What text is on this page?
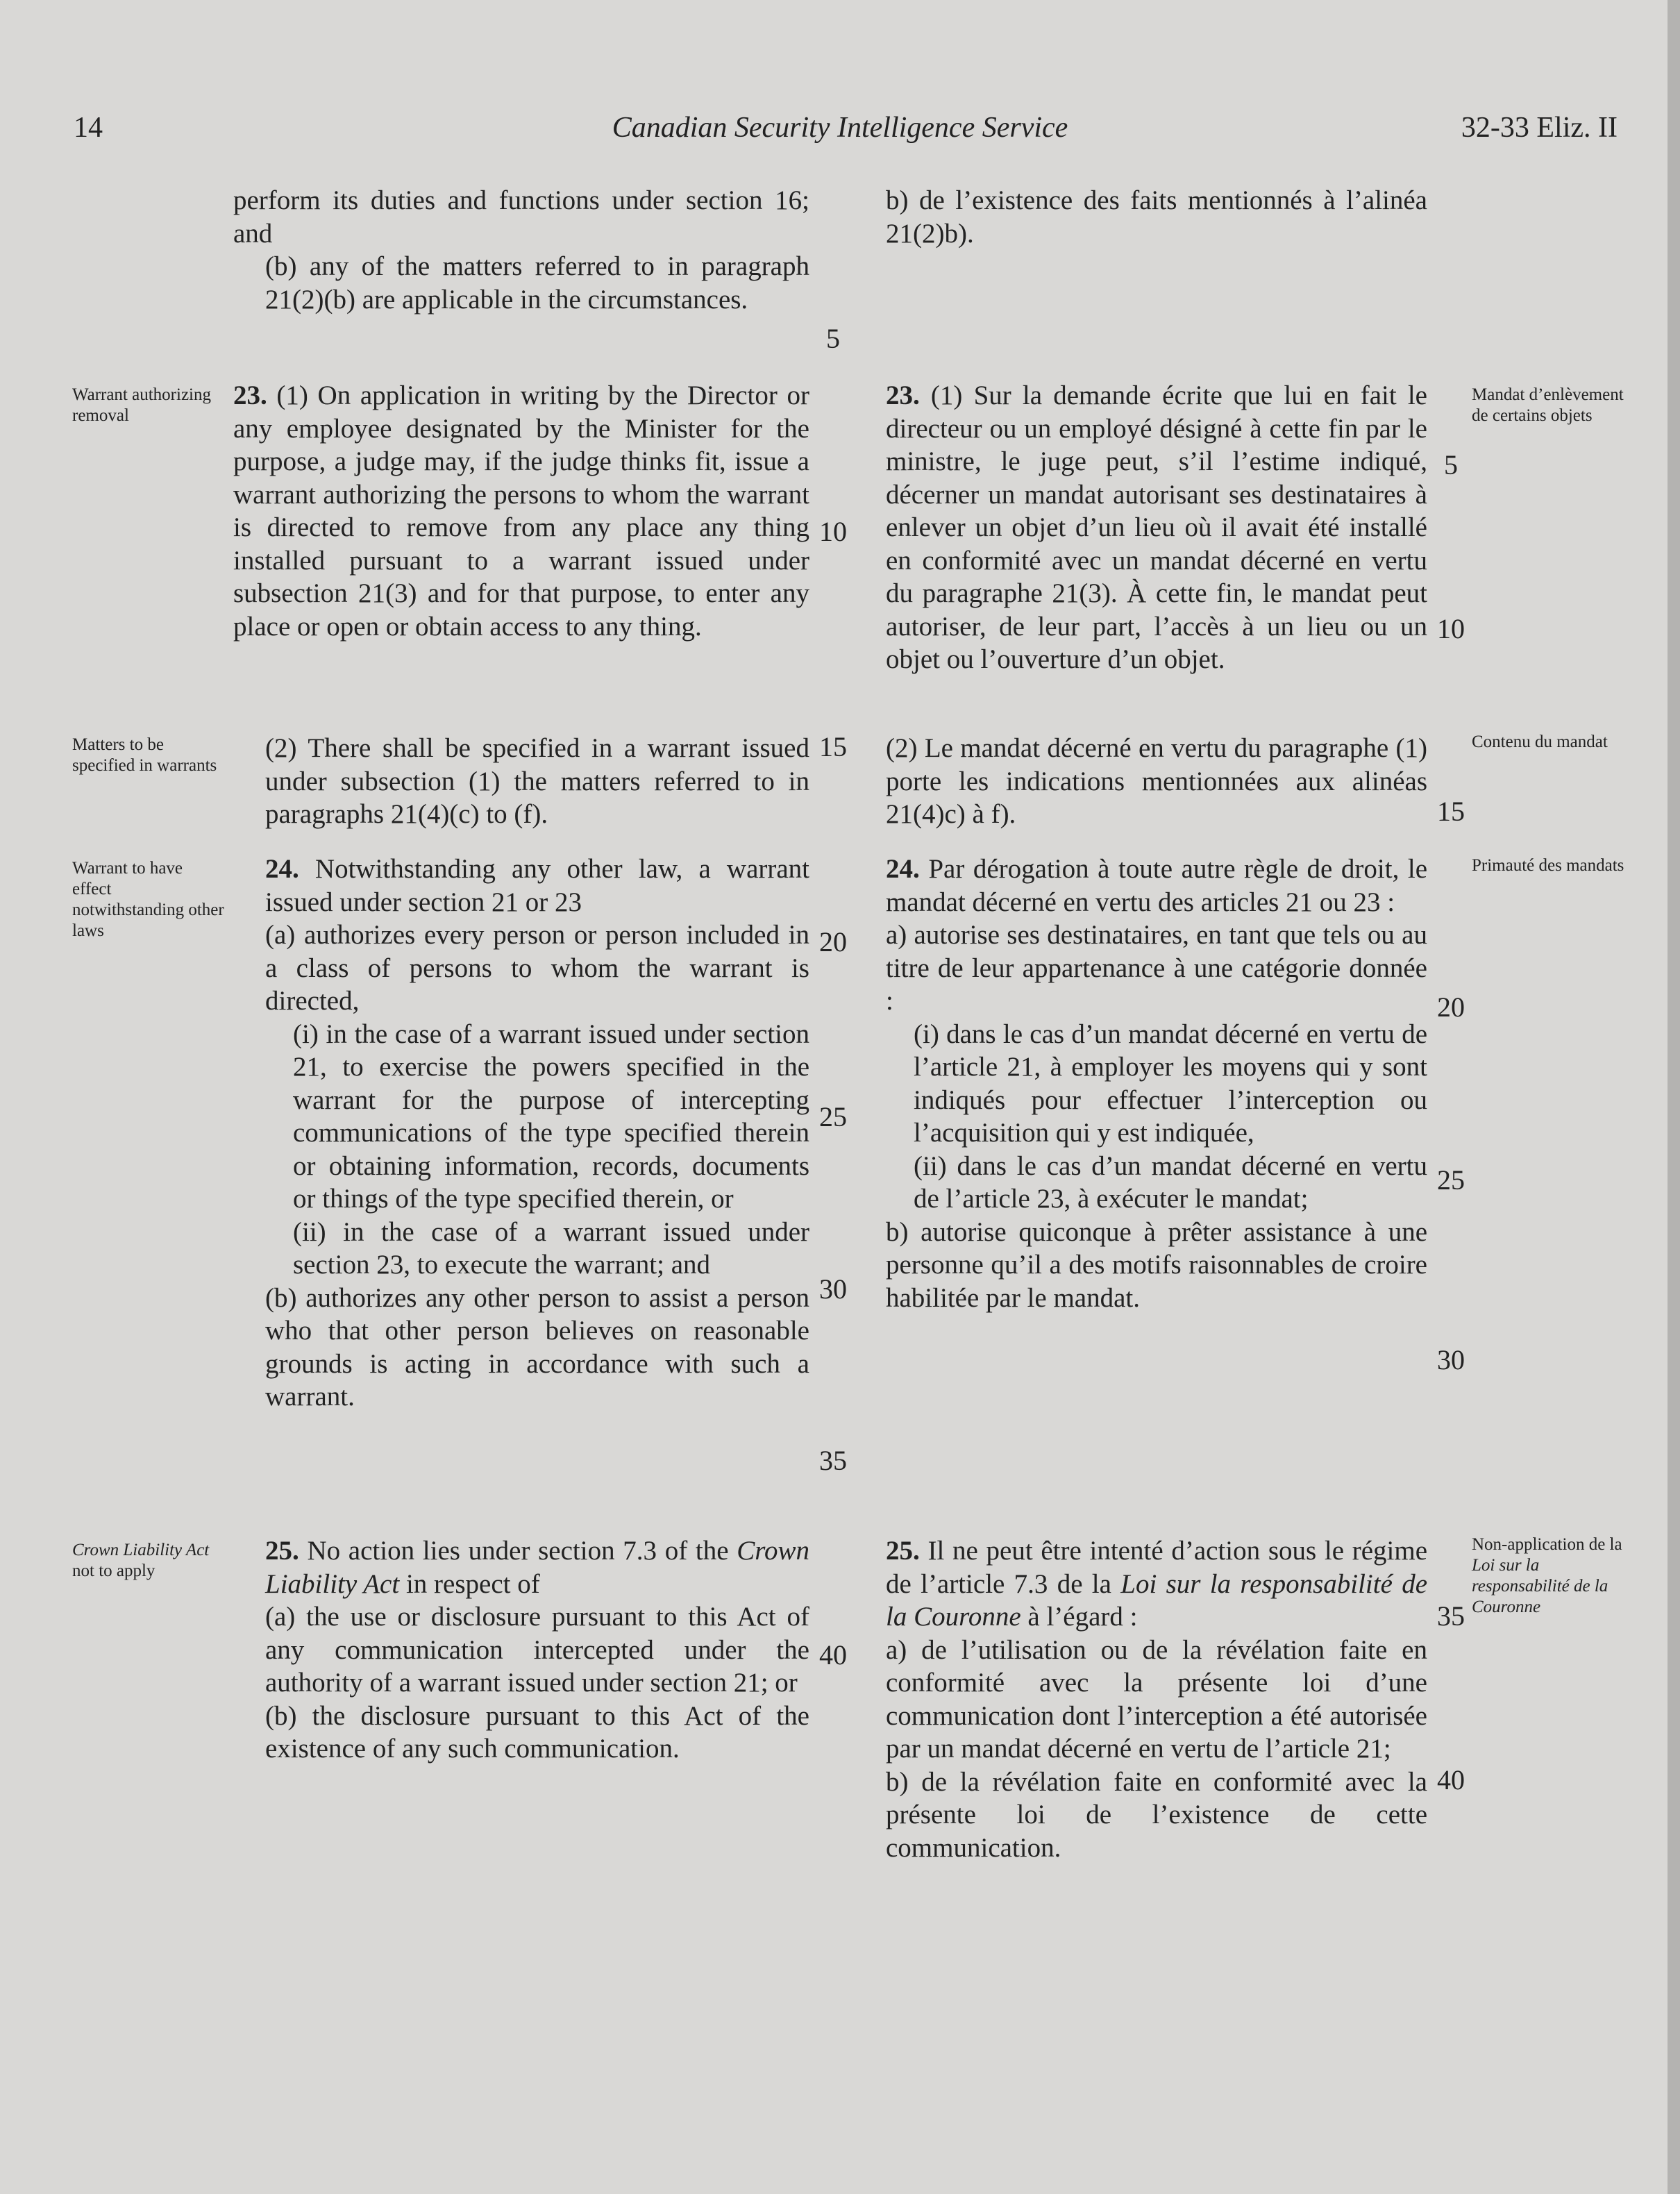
14	Canadian Security Intelligence Service	32-33 Eliz. II

perform its duties and functions under section 16; and

(b) any of the matters referred to in paragraph 21(2)(b) are applicable in the circumstances.

23. (1) On application in writing by the Director or any employee designated by the Minister for the purpose, a judge may, if the judge thinks fit, issue a warrant authorizing the persons to whom the warrant is directed to remove from any place any thing installed pursuant to a warrant issued under subsection 21(3) and for that purpose, to enter any place or open or obtain access to any thing.

(2) There shall be specified in a warrant issued under subsection (1) the matters referred to in paragraphs 21(4)(c) to (f).

24. Notwithstanding any other law, a warrant issued under section 21 or 23

(a) authorizes every person or person included in a class of persons to whom the warrant is directed,

(i) in the case of a warrant issued under section 21, to exercise the powers specified in the warrant for the purpose of intercepting communications of the type specified therein or obtaining information, records, documents or things of the type specified therein, or

(ii) in the case of a warrant issued under section 23, to execute the warrant; and

(b) authorizes any other person to assist a person who that other person believes on reasonable grounds is acting in accordance with such a warrant.

25. No action lies under section 7.3 of the Crown Liability Act in respect of

(a) the use or disclosure pursuant to this Act of any communication intercepted under the authority of a warrant issued under section 21; or

(b) the disclosure pursuant to this Act of the existence of any such communication.

b) de l’existence des faits mentionnés à l’alinéa 21(2)b).

23. (1) Sur la demande écrite que lui en fait le directeur ou un employé désigné à cette fin par le ministre, le juge peut, s’il l’estime indiqué, décerner un mandat autorisant ses destinataires à enlever un objet d’un lieu où il avait été installé en conformité avec un mandat décerné en vertu du paragraphe 21(3). À cette fin, le mandat peut autoriser, de leur part, l’accès à un lieu ou un objet ou l’ouverture d’un objet.

(2) Le mandat décerné en vertu du paragraphe (1) porte les indications mentionnées aux alinéas 21(4)c) à f).

24. Par dérogation à toute autre règle de droit, le mandat décerné en vertu des articles 21 ou 23 :

a) autorise ses destinataires, en tant que tels ou au titre de leur appartenance à une catégorie donnée :

(i) dans le cas d’un mandat décerné en vertu de l’article 21, à employer les moyens qui y sont indiqués pour effectuer l’interception ou l’acquisition qui y est indiquée,

(ii) dans le cas d’un mandat décerné en vertu de l’article 23, à exécuter le mandat;

b) autorise quiconque à prêter assistance à une personne qu’il a des motifs raisonnables de croire habilitée par le mandat.

25. Il ne peut être intenté d’action sous le régime de l’article 7.3 de la Loi sur la responsabilité de la Couronne à l’égard :

a) de l’utilisation ou de la révélation faite en conformité avec la présente loi d’une communication dont l’interception a été autorisée par un mandat décerné en vertu de l’article 21;

b) de la révélation faite en conformité avec la présente loi de l’existence de cette communication.

Warrant authorizing removal
Matters to be specified in warrants
Warrant to have effect notwithstanding other laws
Crown Liability Act not to apply
Mandat d’enlèvement de certains objets
Contenu du mandat
Primauté des mandats
Non-application de la Loi sur la responsabilité de la Couronne
5
10
15
20
25
30
35
40
5
10
15
20
25
30
35
40
